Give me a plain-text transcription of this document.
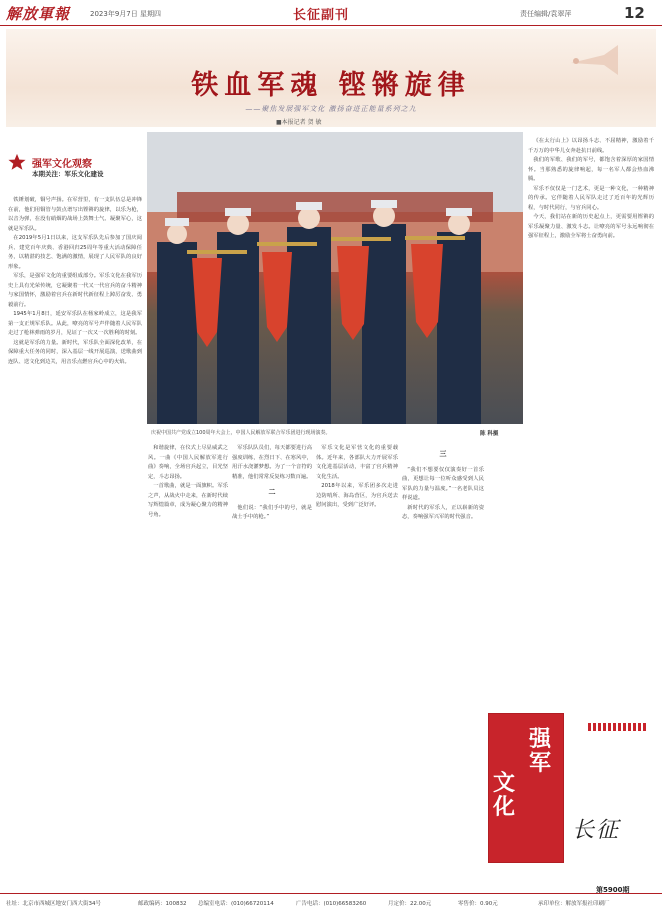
解放軍報	2023年9月7日 星期四	长征副刊	责任编辑/袁翠萍	12
铁血军魂 铿锵旋律
——聚焦发展强军文化 激扬奋进正能量系列之九
■本报记者 贺 敏
强军文化观察
本期关注：军乐文化建设
庆祝中国共产党成立100周年大会上，中国人民解放军联合军乐团进行现场演奏。	陈 科摄

铁锤划破，铜号声扬。在军营里，有一支队伍总是冲锋在前，他们用铜管与鼓点谱写出铿锵的旋律，以乐为枪，以音为弹，在没有硝烟的战场上鼓舞士气、凝聚军心，这就是军乐队。

在2019年5月1日以来，这支军乐队先后参加了国庆阅兵、建党百年庆典、香港回归25周年等重大活动保障任务，以精湛的技艺、饱满的激情，展现了人民军队的良好形象。

军乐，是强军文化的重要组成部分。军乐文化在我军历史上具有光荣传统，它凝聚着一代又一代官兵的奋斗精神与家国情怀，激励着官兵在新时代新征程上踔厉奋发、勇毅前行。

1945年1月8日，延安军乐队在杨家岭成立，这是我军第一支正规军乐队。从此，嘹亮的军号声伴随着人民军队走过了枪林弹雨的岁月，见证了一次又一次胜利的时刻。

这就是军乐的力量。新时代，军乐队全面深化改革，在保障重大任务的同时，深入基层一线开展巡演，送歌曲到连队、送文化到边关，用音乐点燃官兵心中的火焰。

和谐旋律，在仪式上尽显威武之风。一曲《中国人民解放军进行曲》奏响，全场官兵起立，目光坚定，斗志昂扬。

一首歌曲，就是一面旗帜。军乐之声，从战火中走来，在新时代续写辉煌篇章，成为凝心聚力的精神号角。

军乐队队员们，每天都要进行高强度训练，在烈日下、在寒风中，用汗水浇灌梦想。为了一个音符的精准，他们常常反复练习数百遍。

二

他们说：“我们手中的号，就是战士手中的枪。”

军乐文化是军营文化的重要载体。近年来，各部队大力开展军乐文化进基层活动，丰富了官兵精神文化生活。

2018年以来，军乐团多次走进边防哨所、海岛营区，为官兵送去慰问演出，受到广泛好评。

三

“我们不想要仅仅演奏好一首乐曲，更想让每一位听众感受到人民军队的力量与温度。”一名老队员这样说道。

新时代的军乐人，正以崭新的姿态，奏响强军兴军的时代强音。

《在太行山上》以昂扬斗志、不屈精神，激励着千千万万的中华儿女奔赴抗日前线。

我们的军歌、我们的军号，都饱含着深厚的家国情怀。当那熟悉的旋律响起，每一名军人都会热血沸腾。

军乐不仅仅是一门艺术，更是一种文化，一种精神的传承。它伴随着人民军队走过了近百年的光辉历程，与时代同行，与官兵同心。

今天，我们站在新的历史起点上，更需要用铿锵的军乐凝聚力量、激发斗志。让嘹亮的军号永远响彻在强军征程上，激励全军将士奋勇向前。

强军
文化
长征
第5900期
社址：北京市西城区地安门西大街34号	邮政编码：100832 总编室电话：(010)66720114	广告电话：(010)66583260	月定价：22.00元	零售价：0.90元	承印单位：解放军报社印刷厂
